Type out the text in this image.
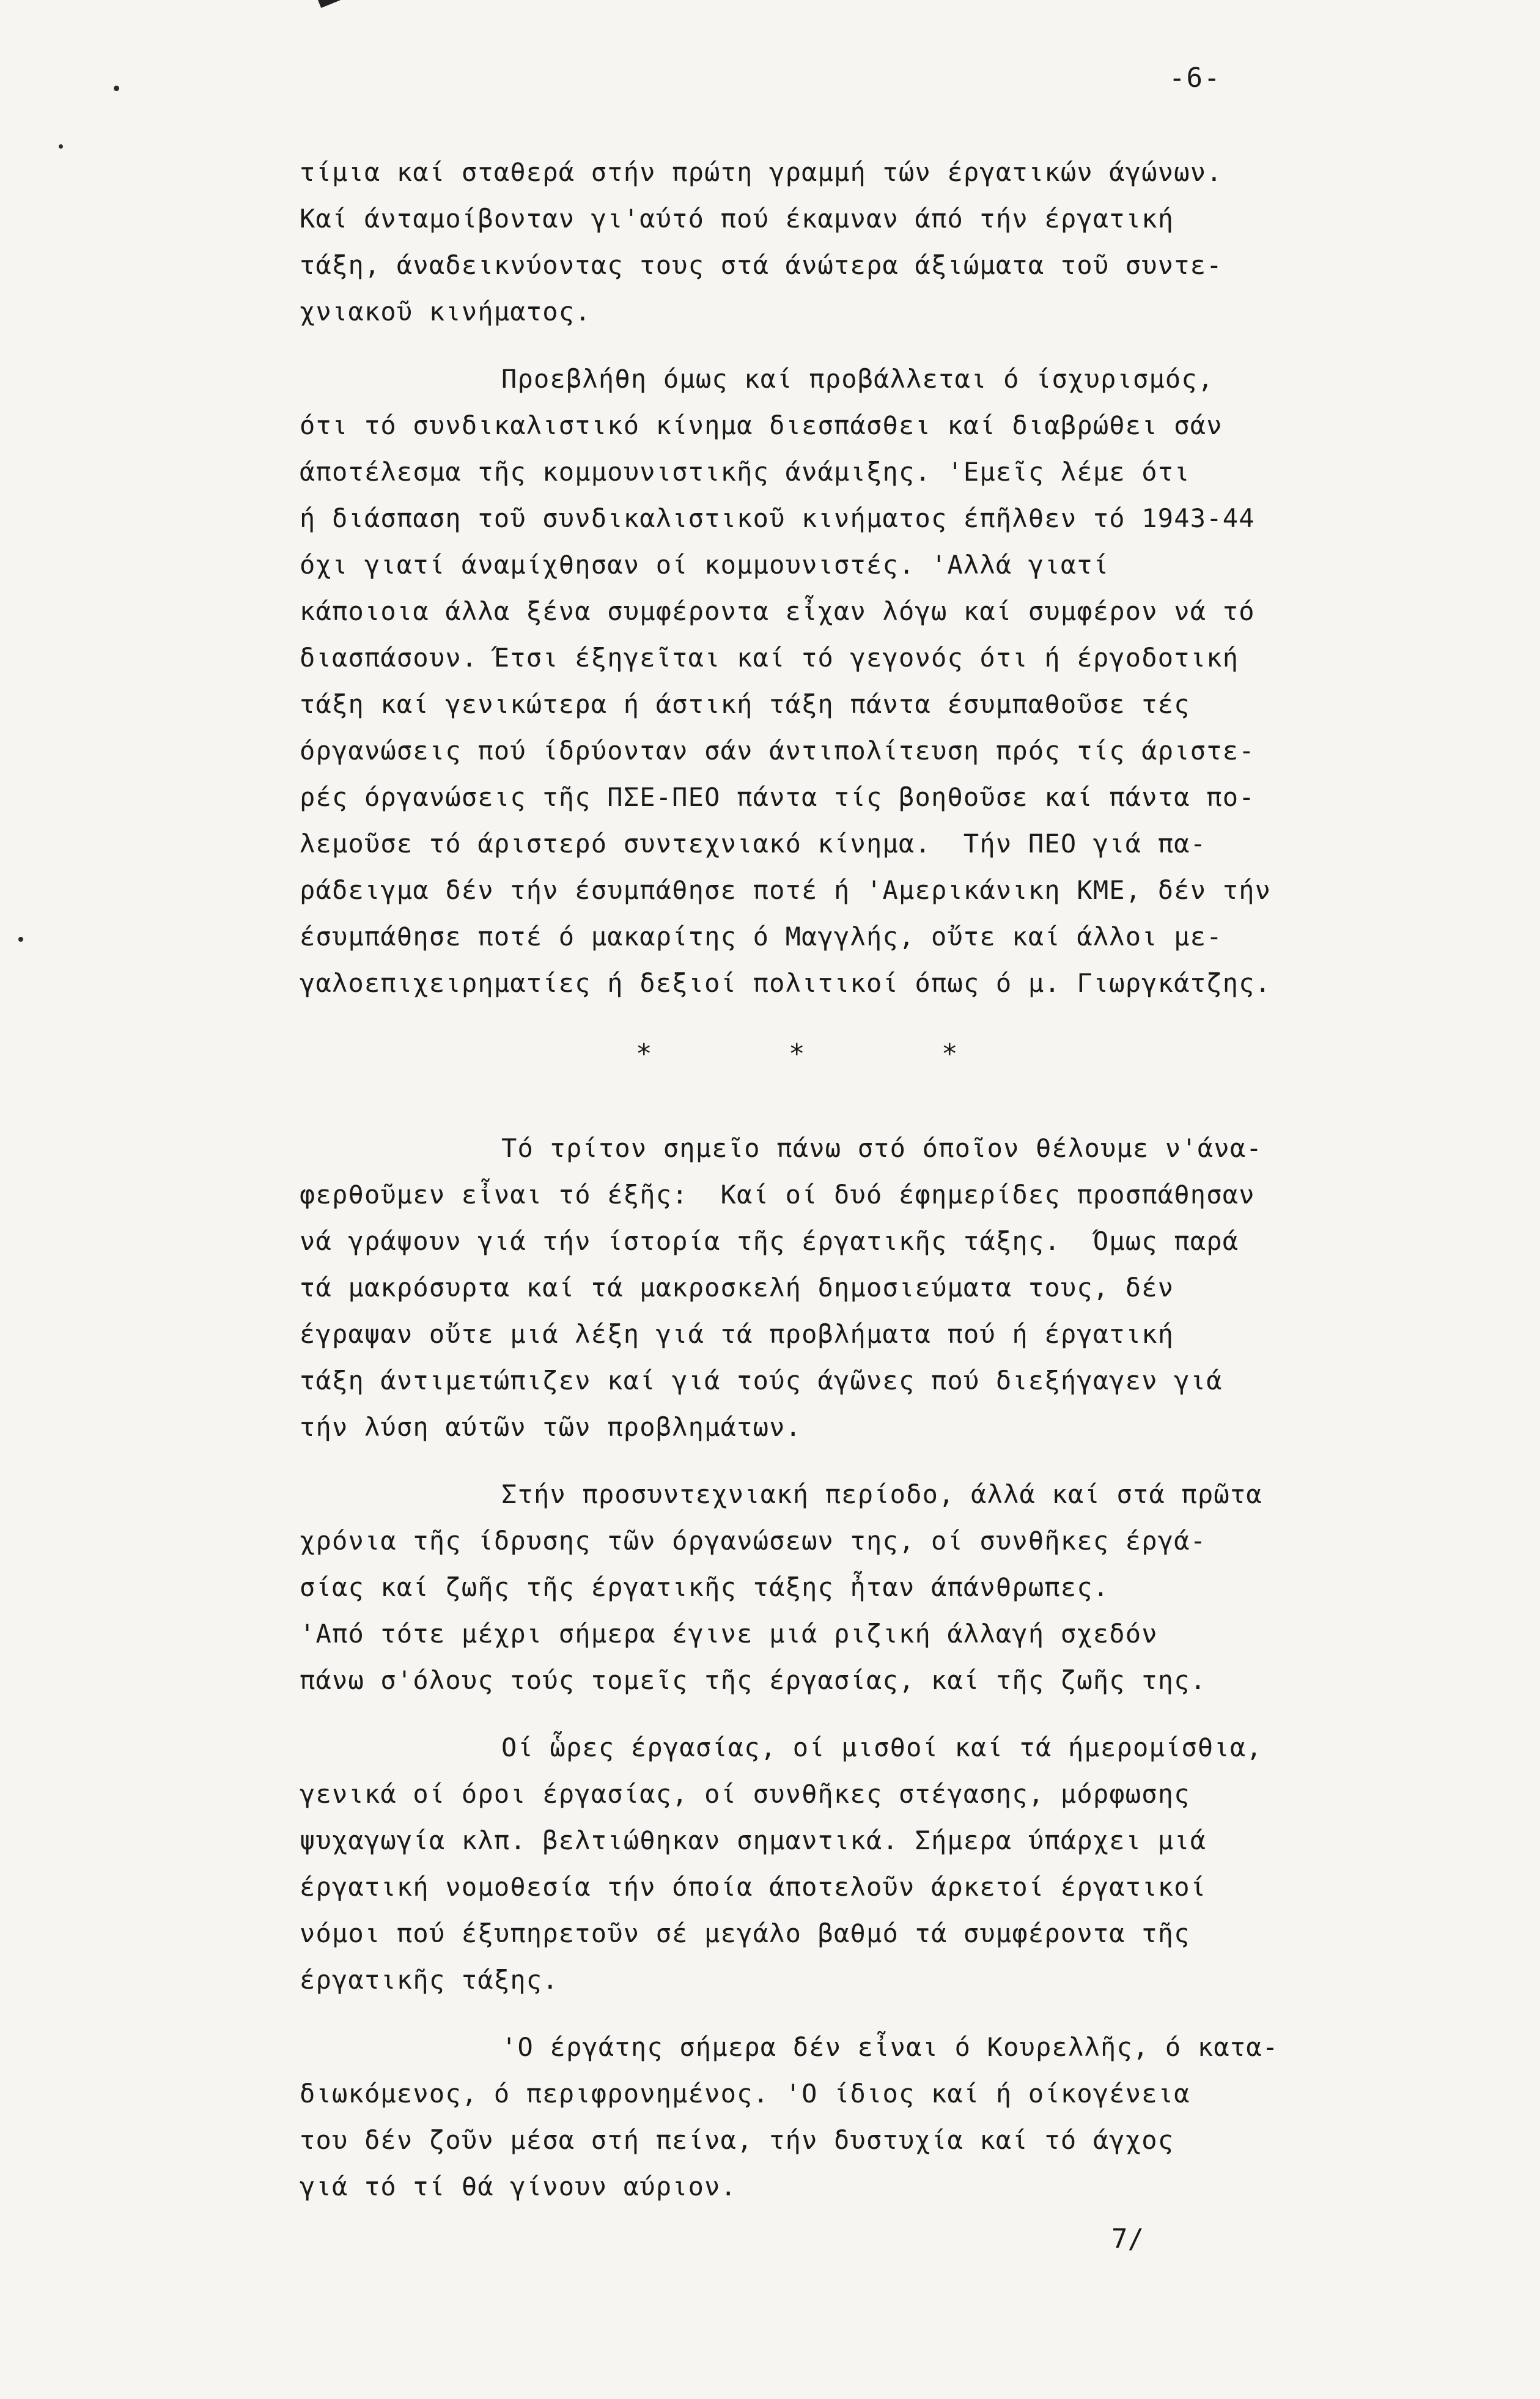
-6-
τίμια καί σταθερά στήν πρώτη γραμμή τών έργατικών άγώνων.
Καί άνταμοίβονταν γι'αύτό πού έκαμναν άπό τήν έργατική
τάξη, άναδεικνύοντας τους στά άνώτερα άξιώματα τοῦ συντε-
χνιακοῦ κινήματος.
Προεβλήθη όμως καί προβάλλεται ό ίσχυρισμός,
ότι τό συνδικαλιστικό κίνημα διεσπάσθει καί διαβρώθει σάν
άποτέλεσμα τῆς κομμουνιστικῆς άνάμιξης. 'Εμεῖς λέμε ότι
ή διάσπαση τοῦ συνδικαλιστικοῦ κινήματος έπῆλθεν τό 1943-44
όχι γιατί άναμίχθησαν οί κομμουνιστές. 'Αλλά γιατί
κάποιοια άλλα ξένα συμφέροντα εἶχαν λόγω καί συμφέρον νά τό
διασπάσουν. Έτσι έξηγεῖται καί τό γεγονός ότι ή έργοδοτική
τάξη καί γενικώτερα ή άστική τάξη πάντα έσυμπαθοῦσε τές
όργανώσεις πού ίδρύονταν σάν άντιπολίτευση πρός τίς άριστε-
ρές όργανώσεις τῆς ΠΣΕ-ΠΕΟ πάντα τίς βοηθοῦσε καί πάντα πο-
λεμοῦσε τό άριστερό συντεχνιακό κίνημα.  Τήν ΠΕΟ γιά πα-
ράδειγμα δέν τήν έσυμπάθησε ποτέ ή 'Αμερικάνικη ΚΜΕ, δέν τήν
έσυμπάθησε ποτέ ό μακαρίτης ό Μαγγλής, οὔτε καί άλλοι με-
γαλοεπιχειρηματίες ή δεξιοί πολιτικοί όπως ό μ. Γιωργκάτζης.
*	*	*
Τό τρίτον σημεῖο πάνω στό όποῖον θέλουμε ν'άνα-
φερθοῦμεν εἶναι τό έξῆς:  Καί οί δυό έφημερίδες προσπάθησαν
νά γράψουν γιά τήν ίστορία τῆς έργατικῆς τάξης.  Όμως παρά
τά μακρόσυρτα καί τά μακροσκελή δημοσιεύματα τους, δέν
έγραψαν οὔτε μιά λέξη γιά τά προβλήματα πού ή έργατική
τάξη άντιμετώπιζεν καί γιά τούς άγῶνες πού διεξήγαγεν γιά
τήν λύση αύτῶν τῶν προβλημάτων.
Στήν προσυντεχνιακή περίοδο, άλλά καί στά πρῶτα
χρόνια τῆς ίδρυσης τῶν όργανώσεων της, οί συνθῆκες έργά-
σίας καί ζωῆς τῆς έργατικῆς τάξης ἦταν άπάνθρωπες.
'Από τότε μέχρι σήμερα έγινε μιά ριζική άλλαγή σχεδόν
πάνω σ'όλους τούς τομεῖς τῆς έργασίας, καί τῆς ζωῆς της.
Οί ὧρες έργασίας, οί μισθοί καί τά ήμερομίσθια,
γενικά οί όροι έργασίας, οί συνθῆκες στέγασης, μόρφωσης
ψυχαγωγία κλπ. βελτιώθηκαν σημαντικά. Σήμερα ύπάρχει μιά
έργατική νομοθεσία τήν όποία άποτελοῦν άρκετοί έργατικοί
νόμοι πού έξυπηρετοῦν σέ μεγάλο βαθμό τά συμφέροντα τῆς
έργατικῆς τάξης.
'Ο έργάτης σήμερα δέν εἶναι ό Κουρελλῆς, ό κατα-
διωκόμενος, ό περιφρονημένος. 'Ο ίδιος καί ή οίκογένεια
του δέν ζοῦν μέσα στή πείνα, τήν δυστυχία καί τό άγχος
γιά τό τί θά γίνουν αύριον.
7/
